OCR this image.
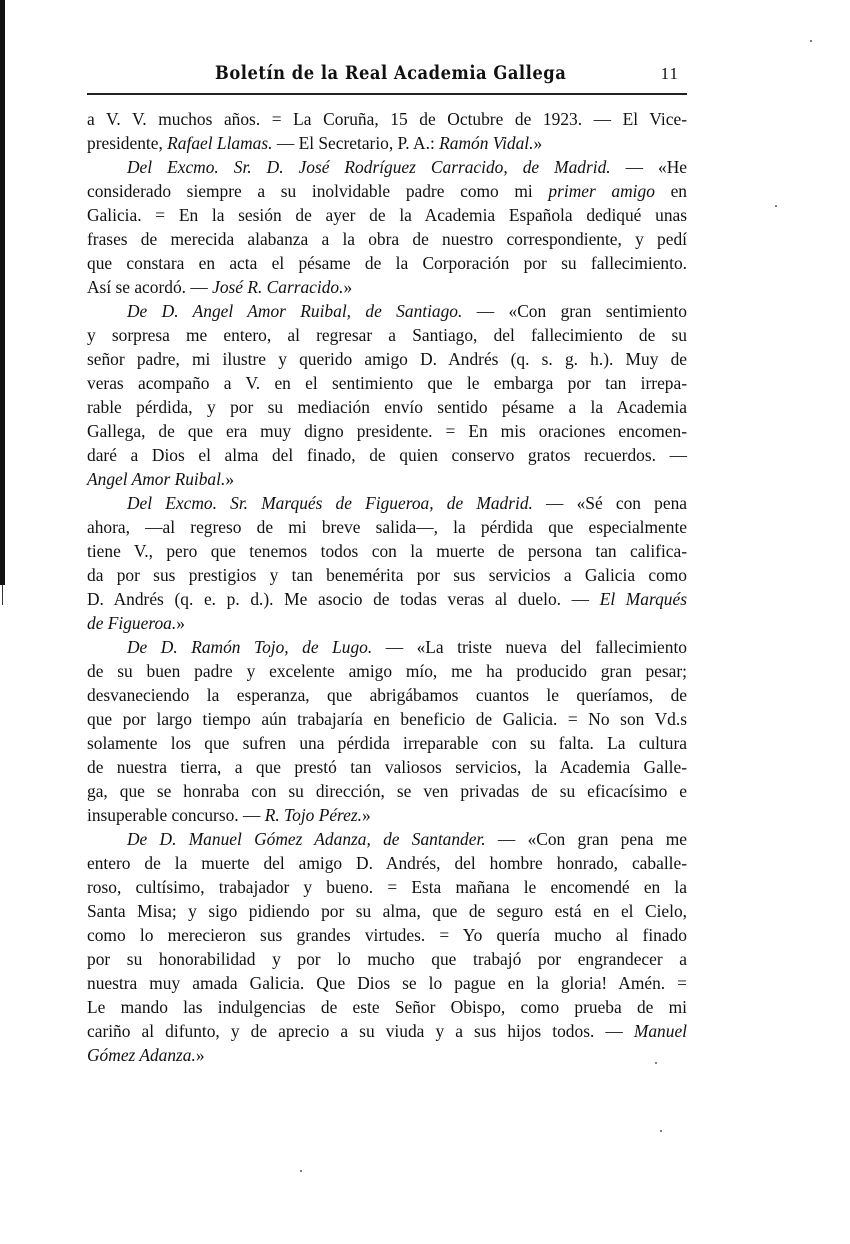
Boletín de la Real Academia Gallega	11
a V. V. muchos años. = La Coruña, 15 de Octubre de 1923. — El Vice-
presidente, Rafael Llamas. — El Secretario, P. A.: Ramón Vidal.»
Del Excmo. Sr. D. José Rodríguez Carracido, de Madrid. — «He
considerado siempre a su inolvidable padre como mi primer amigo en
Galicia. = En la sesión de ayer de la Academia Española dediqué unas
frases de merecida alabanza a la obra de nuestro correspondiente, y pedí
que constara en acta el pésame de la Corporación por su fallecimiento.
Así se acordó. — José R. Carracido.»
De D. Angel Amor Ruibal, de Santiago. — «Con gran sentimiento
y sorpresa me entero, al regresar a Santiago, del fallecimiento de su
señor padre, mi ilustre y querido amigo D. Andrés (q. s. g. h.). Muy de
veras acompaño a V. en el sentimiento que le embarga por tan irrepa-
rable pérdida, y por su mediación envío sentido pésame a la Academia
Gallega, de que era muy digno presidente. = En mis oraciones encomen-
daré a Dios el alma del finado, de quien conservo gratos recuerdos. —
Angel Amor Ruibal.»
Del Excmo. Sr. Marqués de Figueroa, de Madrid. — «Sé con pena
ahora, —al regreso de mi breve salida—, la pérdida que especialmente
tiene V., pero que tenemos todos con la muerte de persona tan califica-
da por sus prestigios y tan benemérita por sus servicios a Galicia como
D. Andrés (q. e. p. d.). Me asocio de todas veras al duelo. — El Marqués
de Figueroa.»
De D. Ramón Tojo, de Lugo. — «La triste nueva del fallecimiento
de su buen padre y excelente amigo mío, me ha producido gran pesar;
desvaneciendo la esperanza, que abrigábamos cuantos le queríamos, de
que por largo tiempo aún trabajaría en beneficio de Galicia. = No son Vd.s
solamente los que sufren una pérdida irreparable con su falta. La cultura
de nuestra tierra, a que prestó tan valiosos servicios, la Academia Galle-
ga, que se honraba con su dirección, se ven privadas de su eficacísimo e
insuperable concurso. — R. Tojo Pérez.»
De D. Manuel Gómez Adanza, de Santander. — «Con gran pena me
entero de la muerte del amigo D. Andrés, del hombre honrado, caballe-
roso, cultísimo, trabajador y bueno. = Esta mañana le encomendé en la
Santa Misa; y sigo pidiendo por su alma, que de seguro está en el Cielo,
como lo merecieron sus grandes virtudes. = Yo quería mucho al finado
por su honorabilidad y por lo mucho que trabajó por engrandecer a
nuestra muy amada Galicia. Que Dios se lo pague en la gloria! Amén. =
Le mando las indulgencias de este Señor Obispo, como prueba de mi
cariño al difunto, y de aprecio a su viuda y a sus hijos todos. — Manuel
Gómez Adanza.»
